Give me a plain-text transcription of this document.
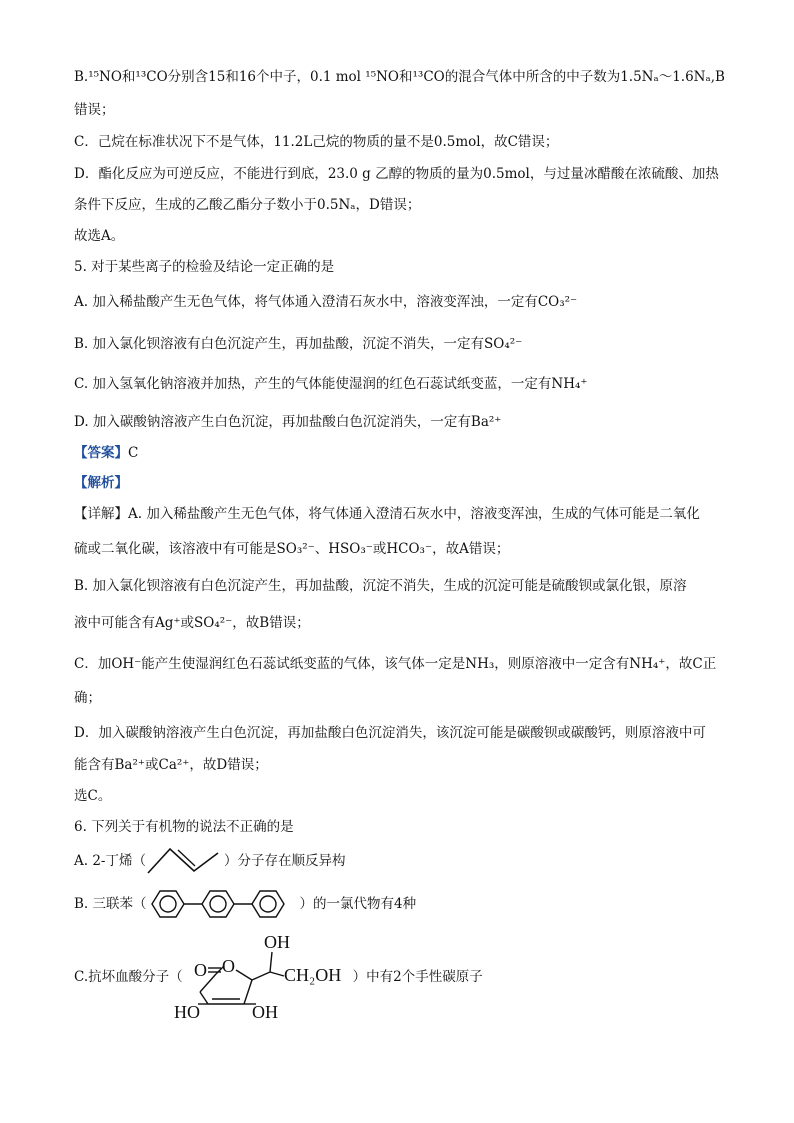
B.¹⁵NO和¹³CO分别含15和16个中子，0.1 mol ¹⁵NO和¹³CO的混合气体中所含的中子数为1.5Nₐ～1.6Nₐ,B
错误；
C．己烷在标准状况下不是气体，11.2L己烷的物质的量不是0.5mol，故C错误；
D．酯化反应为可逆反应，不能进行到底，23.0 g 乙醇的物质的量为0.5mol，与过量冰醋酸在浓硫酸、加热
条件下反应，生成的乙酸乙酯分子数小于0.5Nₐ，D错误；
故选A。
5. 对于某些离子的检验及结论一定正确的是
A. 加入稀盐酸产生无色气体，将气体通入澄清石灰水中，溶液变浑浊，一定有CO₃²⁻
B. 加入氯化钡溶液有白色沉淀产生，再加盐酸，沉淀不消失，一定有SO₄²⁻
C. 加入氢氧化钠溶液并加热，产生的气体能使湿润的红色石蕊试纸变蓝，一定有NH₄⁺
D. 加入碳酸钠溶液产生白色沉淀，再加盐酸白色沉淀消失，一定有Ba²⁺
【答案】C
【解析】
【详解】A. 加入稀盐酸产生无色气体，将气体通入澄清石灰水中，溶液变浑浊，生成的气体可能是二氧化
硫或二氧化碳，该溶液中有可能是SO₃²⁻、HSO₃⁻或HCO₃⁻，故A错误；
B. 加入氯化钡溶液有白色沉淀产生，再加盐酸，沉淀不消失，生成的沉淀可能是硫酸钡或氯化银，原溶
液中可能含有Ag⁺或SO₄²⁻，故B错误；
C．加OH⁻能产生使湿润红色石蕊试纸变蓝的气体，该气体一定是NH₃，则原溶液中一定含有NH₄⁺，故C正
确；
D．加入碳酸钠溶液产生白色沉淀，再加盐酸白色沉淀消失，该沉淀可能是碳酸钡或碳酸钙，则原溶液中可
能含有Ba²⁺或Ca²⁺，故D错误；
选C。
6. 下列关于有机物的说法不正确的是
A. 2-丁烯（	）分子存在顺反异构
B. 三联苯（	）的一氯代物有4种
C.抗坏血酸分子（	）中有2个手性碳原子
OH
CH₂OH
HO	OH
O
O
